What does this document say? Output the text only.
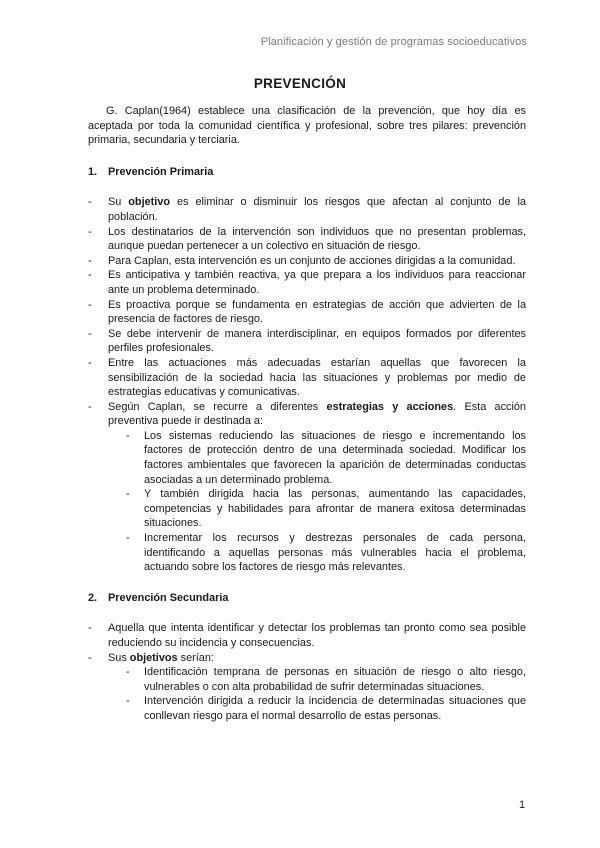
Planificación y gestión de programas socioeducativos
PREVENCIÓN

G. Caplan(1964) establece una clasificación de la prevención, que hoy día es aceptada por toda la comunidad científica y profesional, sobre tres pilares: prevención primaria, secundaria y terciaria.

1.	Prevención Primaria
- Su objetivo es eliminar o disminuir los riesgos que afectan al conjunto de la población.
- Los destinatarios de la intervención son individuos que no presentan problemas, aunque puedan pertenecer a un colectivo en situación de riesgo.
- Para Caplan, esta intervención es un conjunto de acciones dirigidas a la comunidad.
- Es anticipativa y también reactiva, ya que prepara a los individuos para reaccionar ante un problema determinado.
- Es proactiva porque se fundamenta en estrategias de acción que advierten de la presencia de factores de riesgo.
- Se debe intervenir de manera interdisciplinar, en equipos formados por diferentes perfiles profesionales.
- Entre las actuaciones más adecuadas estarían aquellas que favorecen la sensibilización de la sociedad hacia las situaciones y problemas por medio de estrategias educativas y comunicativas.
- Según Caplan, se recurre a diferentes estrategias y acciones. Esta acción preventiva puede ir destinada a:
- Los sistemas reduciendo las situaciones de riesgo e incrementando los factores de protección dentro de una determinada sociedad. Modificar los factores ambientales que favorecen la aparición de determinadas conductas asociadas a un determinado problema.
- Y también dirigida hacia las personas, aumentando las capacidades, competencias y habilidades para afrontar de manera exitosa determinadas situaciones.
- Incrementar los recursos y destrezas personales de cada persona, identificando a aquellas personas más vulnerables hacia el problema, actuando sobre los factores de riesgo más relevantes.
2.	Prevención Secundaria
- Aquella que intenta identificar y detectar los problemas tan pronto como sea posible reduciendo su incidencia y consecuencias.
- Sus objetivos serían:
- Identificación temprana de personas en situación de riesgo o alto riesgo, vulnerables o con alta probabilidad de sufrir determinadas situaciones.
- Intervención dirigida a reducir la incidencia de determinadas situaciones que conllevan riesgo para el normal desarrollo de estas personas.
1
